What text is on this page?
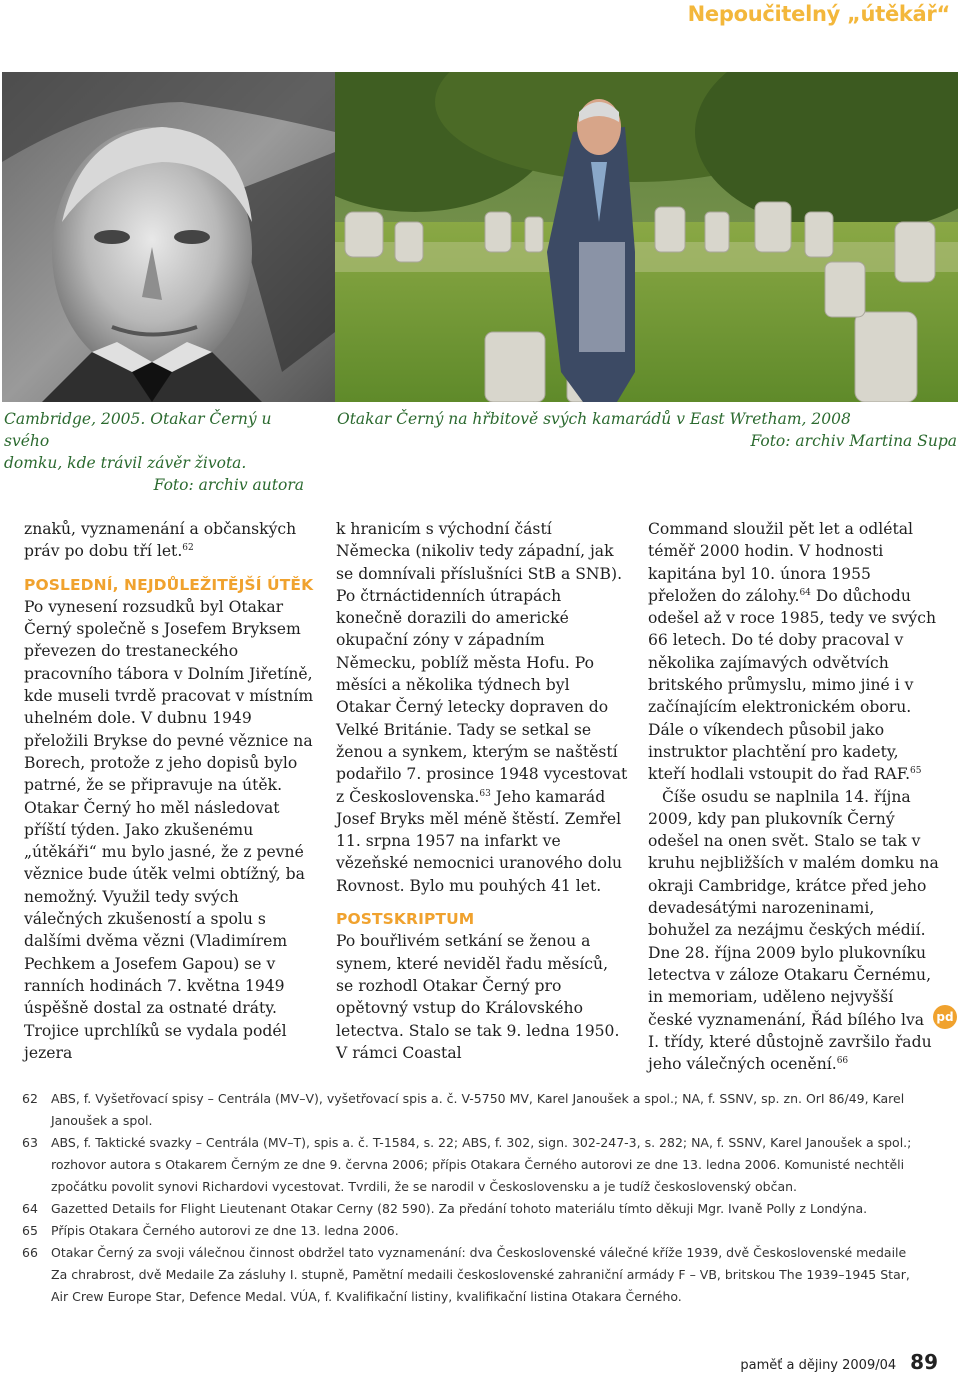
Nepoučitelný „útěkář“
Cambridge, 2005. Otakar Černý u svého
domku, kde trávil závěr života.
Foto: archiv autora
Otakar Černý na hřbitově svých kamarádů v East Wretham, 2008
Foto: archiv Martina Supa

znaků, vyznamenání a občanských práv po dobu tří let.$^{62}$

POSLEDNÍ, NEJDŮLEŽITĚJŠÍ ÚTĚK

Po vynesení rozsudků byl Otakar Černý společně s Josefem Bryksem převezen do trestaneckého pracovního tábora v Dolním Jiřetíně, kde museli tvrdě pracovat v místním uhelném dole. V dubnu 1949 přeložili Brykse do pevné věznice na Borech, protože z jeho dopisů bylo patrné, že se připravuje na útěk. Otakar Černý ho měl následovat příští týden. Jako zkušenému „útěkáři“ mu bylo jasné, že z pevné věznice bude útěk velmi obtížný, ba nemožný. Využil tedy svých válečných zkušeností a spolu s dalšími dvěma vězni (Vladimírem Pechkem a Josefem Gapou) se v ranních hodinách 7. května 1949 úspěšně dostal za ostnaté dráty. Trojice uprchlíků se vydala podél jezera

k hranicím s východní částí Německa (nikoliv tedy západní, jak se domnívali příslušníci StB a SNB). Po čtrnáctidenních útrapách konečně dorazili do americké okupační zóny v západním Německu, poblíž města Hofu. Po měsíci a několika týdnech byl Otakar Černý letecky dopraven do Velké Británie. Tady se setkal se ženou a synkem, kterým se naštěstí podařilo 7. prosince 1948 vycestovat z Československa.$^{63}$ Jeho kamarád Josef Bryks měl méně štěstí. Zemřel 11. srpna 1957 na infarkt ve vězeňské nemocnici uranového dolu Rovnost. Bylo mu pouhých 41 let.

POSTSKRIPTUM

Po bouřlivém setkání se ženou a synem, které neviděl řadu měsíců, se rozhodl Otakar Černý pro opětovný vstup do Královského letectva. Stalo se tak 9. ledna 1950. V rámci Coastal

Command sloužil pět let a odlétal téměř 2000 hodin. V hodnosti kapitána byl 10. února 1955 přeložen do zálohy.$^{64}$ Do důchodu odešel až v roce 1985, tedy ve svých 66 letech. Do té doby pracoval v několika zajímavých odvětvích britského průmyslu, mimo jiné i v začínajícím elektronickém oboru. Dále o víkendech působil jako instruktor plachtění pro kadety, kteří hodlali vstoupit do řad RAF.$^{65}$

Číše osudu se naplnila 14. října 2009, kdy pan plukovník Černý odešel na onen svět. Stalo se tak v kruhu nejbližších v malém domku na okraji Cambridge, krátce před jeho devadesátými narozeninami, bohužel za nezájmu českých médií. Dne 28. října 2009 bylo plukovníku letectva v záloze Otakaru Černému, in memoriam, uděleno nejvyšší české vyznamenání, Řád bílého lva I. třídy, které důstojně završilo řadu jeho válečných ocenění.$^{66}$

pd
62	ABS, f. Vyšetřovací spisy – Centrála (MV–V), vyšetřovací spis a. č. V-5750 MV, Karel Janoušek a spol.; NA, f. SSNV, sp. zn. OrI 86/49, Karel Janoušek a spol.
63	ABS, f. Taktické svazky – Centrála (MV–T), spis a. č. T-1584, s. 22; ABS, f. 302, sign. 302-247-3, s. 282; NA, f. SSNV, Karel Janoušek a spol.; rozhovor autora s Otakarem Černým ze dne 9. června 2006; přípis Otakara Černého autorovi ze dne 13. ledna 2006. Komunisté nechtěli zpočátku povolit synovi Richardovi vycestovat. Tvrdili, že se narodil v Československu a je tudíž československý občan.
64	Gazetted Details for Flight Lieutenant Otakar Cerny (82 590). Za předání tohoto materiálu tímto děkuji Mgr. Ivaně Polly z Londýna.
65	Přípis Otakara Černého autorovi ze dne 13. ledna 2006.
66	Otakar Černý za svoji válečnou činnost obdržel tato vyznamenání: dva Československé válečné kříže 1939, dvě Československé medaile Za chrabrost, dvě Medaile Za zásluhy I. stupně, Pamětní medaili československé zahraniční armády F – VB, britskou The 1939–1945 Star, Air Crew Europe Star, Defence Medal. VÚA, f. Kvalifikační listiny, kvalifikační listina Otakara Černého.
paměť a dějiny 2009/04 89
